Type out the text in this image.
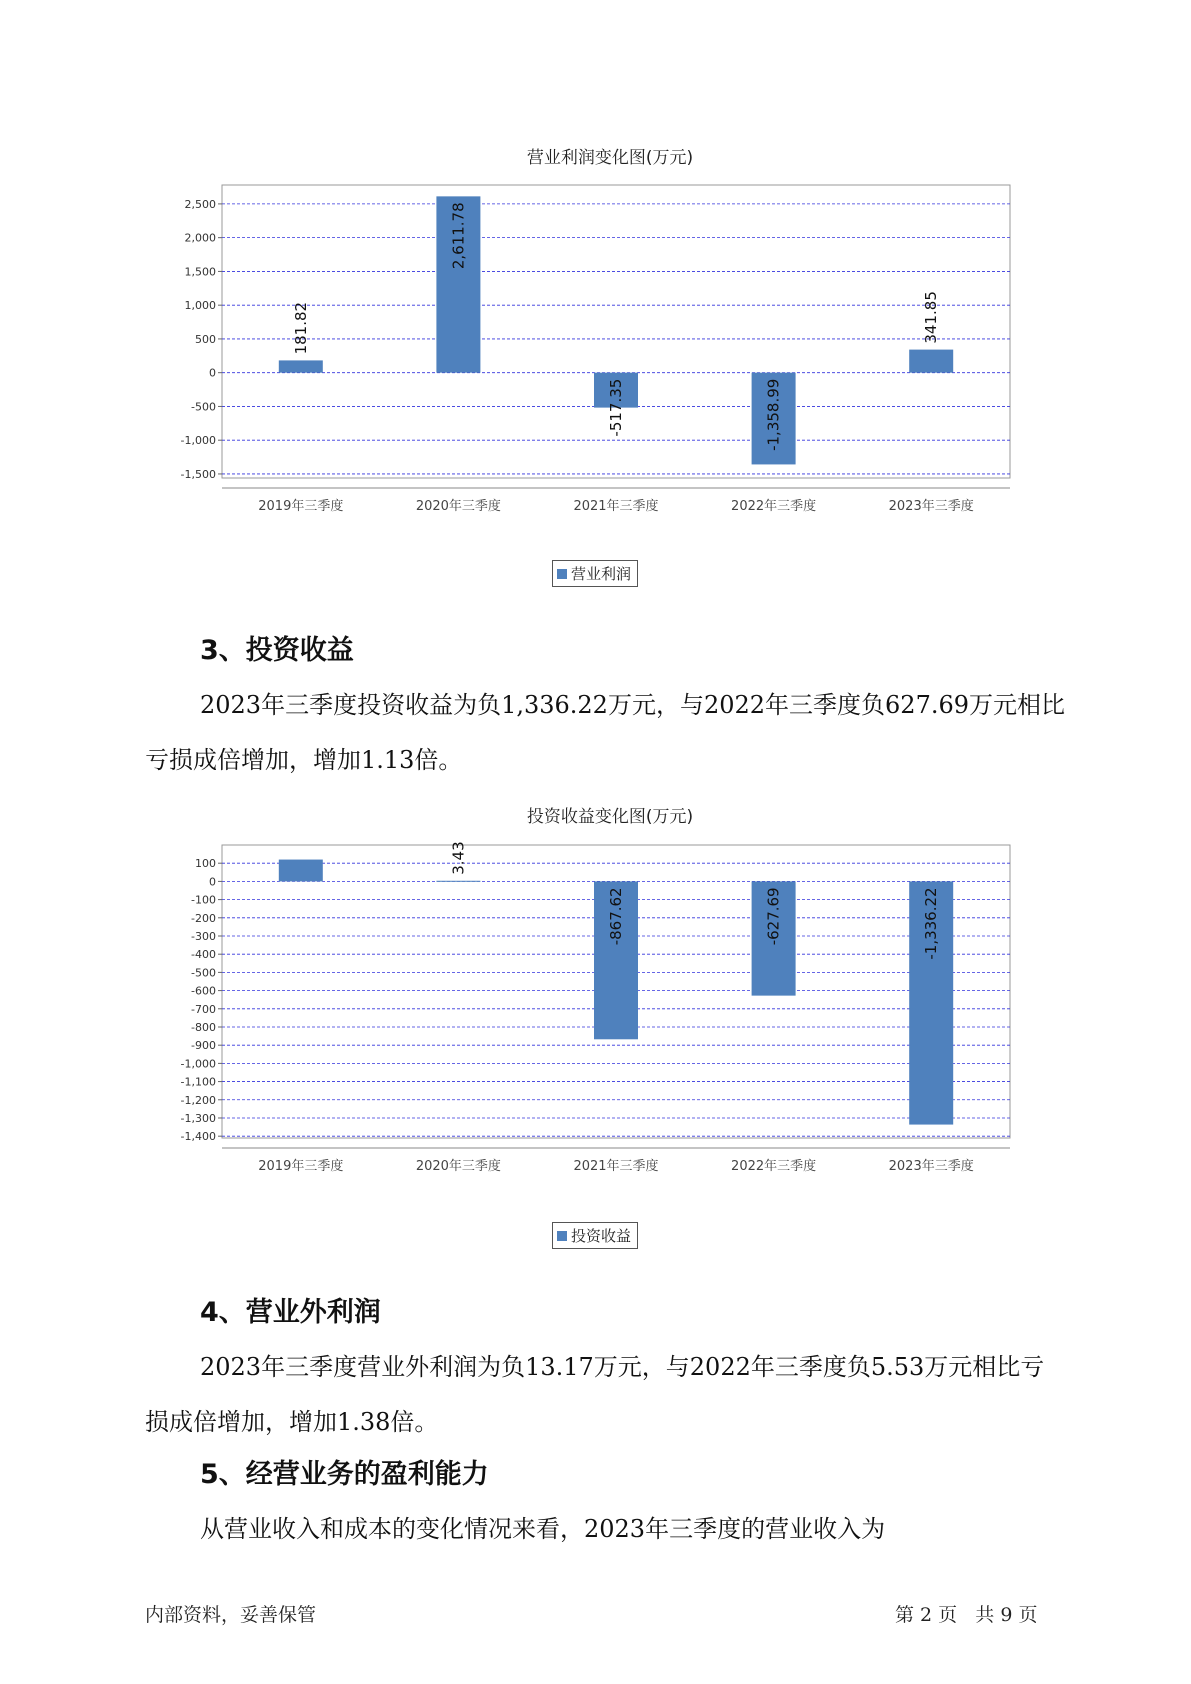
营业利润变化图(万元)
2,500
2,000
1,500
1,000
500
0
-500
-1,000
-1,500
2019年三季度
181.82
2020年三季度
2,611.78
2021年三季度
-517.35
2022年三季度
-1,358.99
2023年三季度
341.85
营业利润
3、投资收益
2023年三季度投资收益为负1,336.22万元，与2022年三季度负627.69万元相比亏损成倍增加，增加1.13倍。
投资收益变化图(万元)
100
0
-100
-200
-300
-400
-500
-600
-700
-800
-900
-1,000
-1,100
-1,200
-1,300
-1,400
2019年三季度	2020年三季度
3.43
2021年三季度
-867.62
2022年三季度
-627.69
2023年三季度
-1,336.22
投资收益
4、营业外利润
2023年三季度营业外利润为负13.17万元，与2022年三季度负5.53万元相比亏损成倍增加，增加1.38倍。
5、经营业务的盈利能力
从营业收入和成本的变化情况来看，2023年三季度的营业收入为
内部资料，妥善保管	第 2 页   共 9 页
